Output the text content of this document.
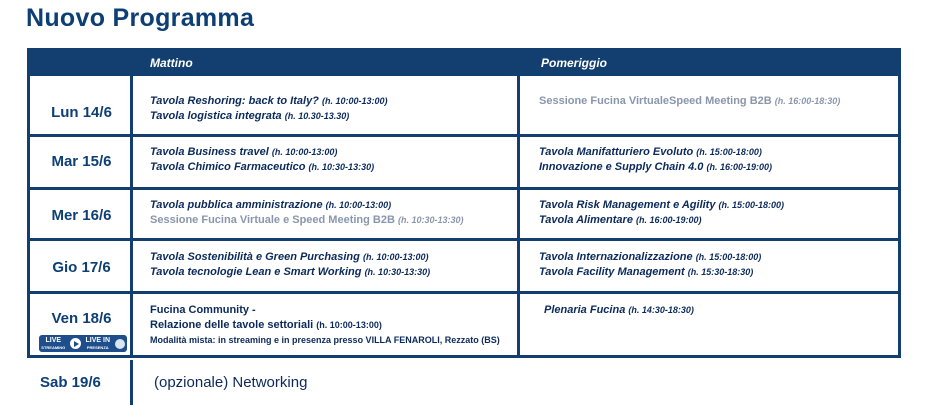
Nuovo Programma
Mattino	Pomeriggio
Lun 14/6
Tavola Reshoring: back to Italy? (h. 10:00-13:00)
Tavola logistica integrata (h. 10.30-13.30)
Sessione Fucina VirtualeSpeed Meeting B2B (h. 16:00-18:30)
Mar 15/6
Tavola Business travel (h. 10:00-13:00)
Tavola Chimico Farmaceutico (h. 10:30-13:30)
Tavola Manifatturiero Evoluto (h. 15:00-18:00)
Innovazione e Supply Chain 4.0 (h. 16:00-19:00)
Mer 16/6
Tavola pubblica amministrazione (h. 10:00-13:00)
Sessione Fucina Virtuale e Speed Meeting B2B (h. 10:30-13:30)
Tavola Risk Management e Agility (h. 15:00-18:00)
Tavola Alimentare (h. 16:00-19:00)
Gio 17/6
Tavola Sostenibilità e Green Purchasing (h. 10:00-13:00)
Tavola tecnologie Lean e Smart Working (h. 10:30-13:30)
Tavola Internazionalizzazione (h. 15:00-18:00)
Tavola Facility Management (h. 15:30-18:30)
Ven 18/6
LIVE
STREAMING
LIVE IN
PRESENZA
Fucina Community -
Relazione delle tavole settoriali (h. 10:00-13:00)
Modalità mista: in streaming e in presenza presso VILLA FENAROLI, Rezzato (BS)
Plenaria Fucina (h. 14:30-18:30)
Sab 19/6	(opzionale) Networking
